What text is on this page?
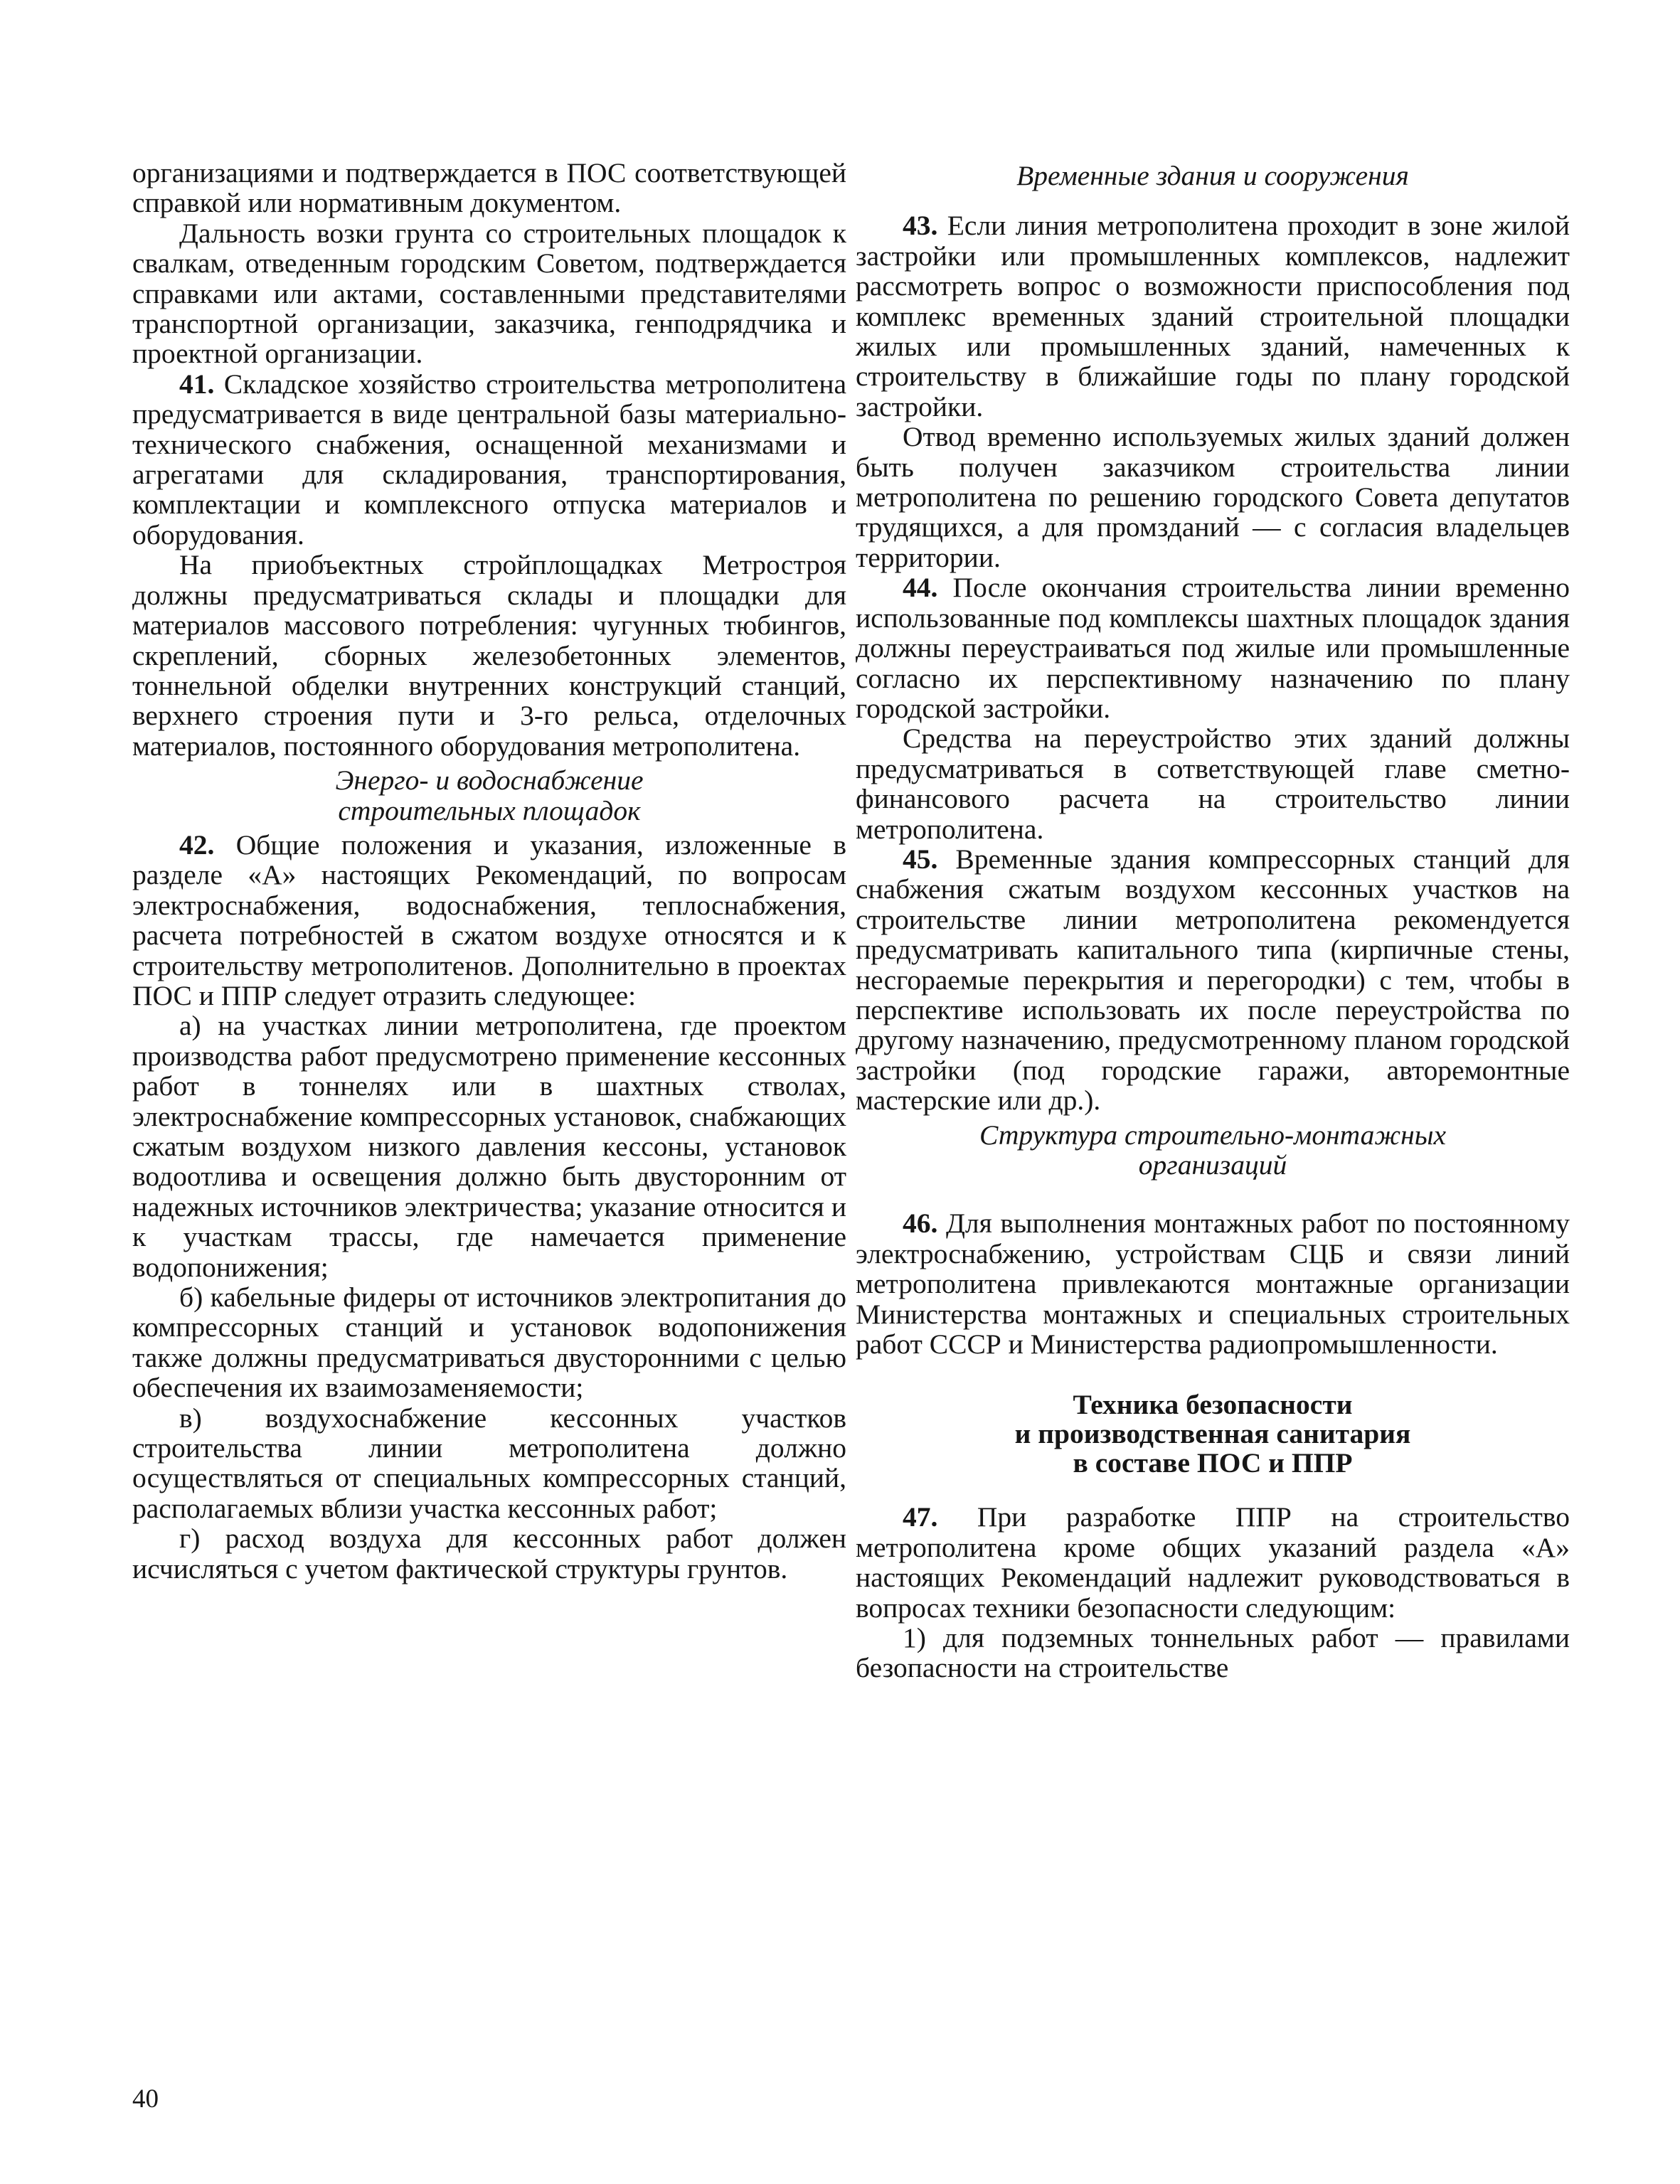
организациями и подтверждается в ПОС соответствующей справкой или нормативным документом.

Дальность возки грунта со строительных площадок к свалкам, отведенным городским Советом, подтверждается справками или актами, составленными представителями транспортной организации, заказчика, генподрядчика и проектной организации.

41. Складское хозяйство строительства метрополитена предусматривается в виде центральной базы материально-технического снабжения, оснащенной механизмами и агрегатами для складирования, транспортирования, комплектации и комплексного отпуска материалов и оборудования.

На приобъектных стройплощадках Метростроя должны предусматриваться склады и площадки для материалов массового потребления: чугунных тюбингов, скреплений, сборных железобетонных элементов, тоннельной обделки внутренних конструкций станций, верхнего строения пути и 3-го рельса, отделочных материалов, постоянного оборудования метрополитена.

Энерго- и водоснабжение
строительных площадок

42. Общие положения и указания, изложенные в разделе «А» настоящих Рекомендаций, по вопросам электроснабжения, водоснабжения, теплоснабжения, расчета потребностей в сжатом воздухе относятся и к строительству метрополитенов. Дополнительно в проектах ПОС и ППР следует отразить следующее:

а) на участках линии метрополитена, где проектом производства работ предусмотрено применение кессонных работ в тоннелях или в шахтных стволах, электроснабжение компрессорных установок, снабжающих сжатым воздухом низкого давления кессоны, установок водоотлива и освещения должно быть двусторонним от надежных источников электричества; указание относится и к участкам трассы, где намечается применение водопонижения;

б) кабельные фидеры от источников электропитания до компрессорных станций и установок водопонижения также должны предусматриваться двусторонними с целью обеспечения их взаимозаменяемости;

в) воздухоснабжение кессонных участков строительства линии метрополитена должно осуществляться от специальных компрессорных станций, располагаемых вблизи участка кессонных работ;

г) расход воздуха для кессонных работ должен исчисляться с учетом фактической структуры грунтов.

Временные здания и сооружения

43. Если линия метрополитена проходит в зоне жилой застройки или промышленных комплексов, надлежит рассмотреть вопрос о возможности приспособления под комплекс временных зданий строительной площадки жилых или промышленных зданий, намеченных к строительству в ближайшие годы по плану городской застройки.

Отвод временно используемых жилых зданий должен быть получен заказчиком строительства линии метрополитена по решению городского Совета депутатов трудящихся, а для промзданий — с согласия владельцев территории.

44. После окончания строительства линии временно использованные под комплексы шахтных площадок здания должны переустраиваться под жилые или промышленные согласно их перспективному назначению по плану городской застройки.

Средства на переустройство этих зданий должны предусматриваться в сответствующей главе сметно-финансового расчета на строительство линии метрополитена.

45. Временные здания компрессорных станций для снабжения сжатым воздухом кессонных участков на строительстве линии метрополитена рекомендуется предусматривать капитального типа (кирпичные стены, несгораемые перекрытия и перегородки) с тем, чтобы в перспективе использовать их после переустройства по другому назначению, предусмотренному планом городской застройки (под городские гаражи, авторемонтные мастерские или др.).

Структура строительно-монтажных
организаций

46. Для выполнения монтажных работ по постоянному электроснабжению, устройствам СЦБ и связи линий метрополитена привлекаются монтажные организации Министерства монтажных и специальных строительных работ СССР и Министерства радиопромышленности.

Техника безопасности
и производственная санитария
в составе ПОС и ППР

47. При разработке ППР на строительство метрополитена кроме общих указаний раздела «А» настоящих Рекомендаций надлежит руководствоваться в вопросах техники безопасности следующим:

1) для подземных тоннельных работ — правилами безопасности на строительстве

40
